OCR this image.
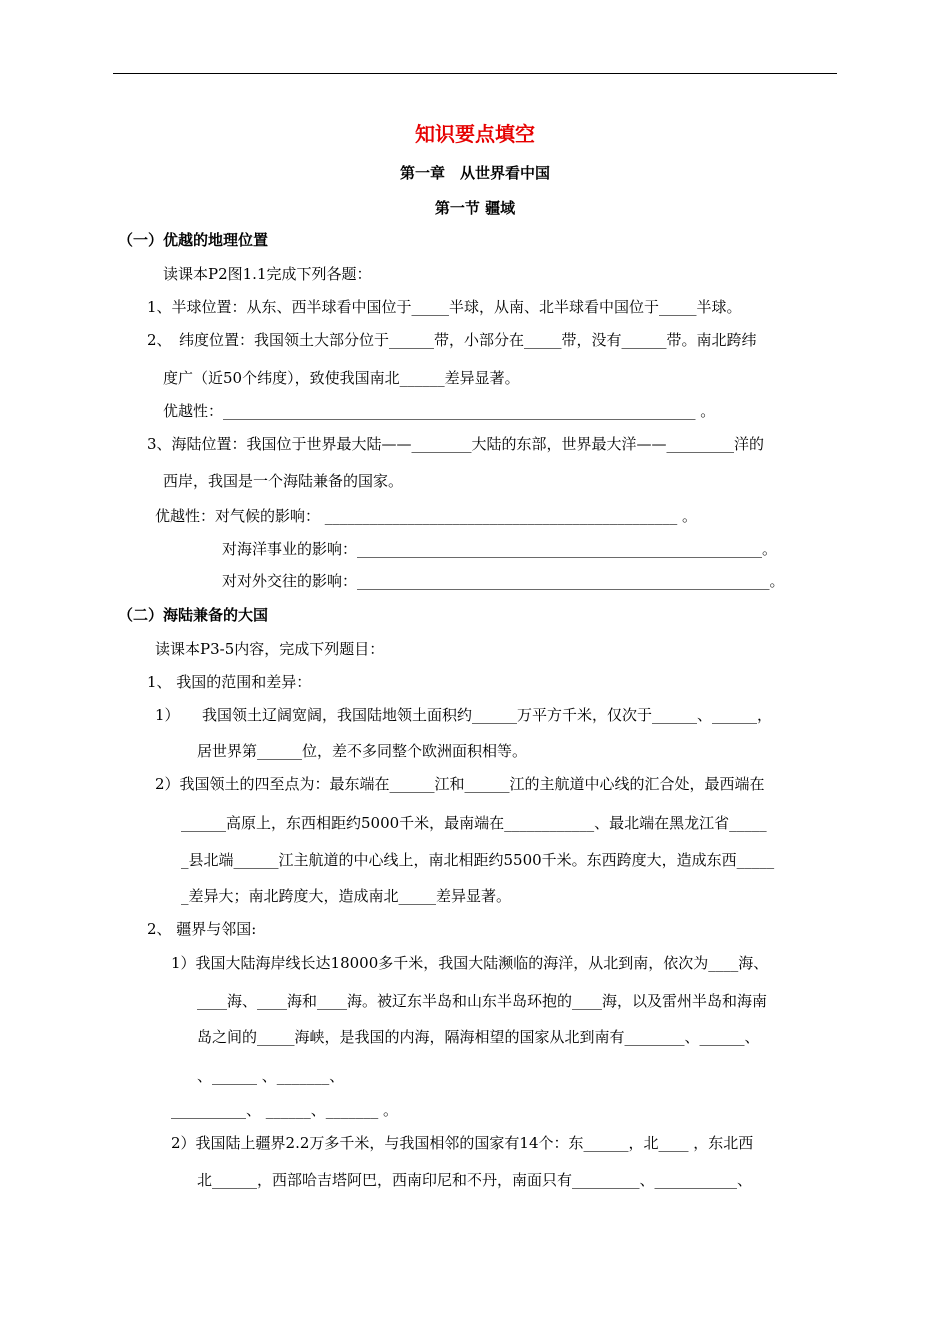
知识要点填空
第一章　从世界看中国
第一节 疆域
（一）优越的地理位置
读课本P2图1.1完成下列各题：
1、半球位置：从东、西半球看中国位于_____半球，从南、北半球看中国位于_____半球。
2、　纬度位置：我国领土大部分位于______带，小部分在_____带，没有______带。南北跨纬
度广（近50个纬度），致使我国南北______差异显著。
优越性：_______________________________________________________________ 。
3、海陆位置：我国位于世界最大陆——________大陆的东部，世界最大洋——_________洋的
西岸，我国是一个海陆兼备的国家。
优越性：对气候的影响： _______________________________________________ 。
对海洋事业的影响：______________________________________________________。
对对外交往的影响：_______________________________________________________。
（二）海陆兼备的大国
读课本P3-5内容，完成下列题目：
1、 我国的范围和差异：
1）　　我国领土辽阔宽阔，我国陆地领土面积约______万平方千米，仅次于______、______，
居世界第______位，差不多同整个欧洲面积相等。
2）我国领土的四至点为：最东端在______江和______江的主航道中心线的汇合处，最西端在
______高原上，东西相距约5000千米，最南端在____________、最北端在黑龙江省_____
_县北端______江主航道的中心线上，南北相距约5500千米。东西跨度大，造成东西_____
_差异大；南北跨度大，造成南北_____差异显著。
2、 疆界与邻国:
1）我国大陆海岸线长达18000多千米，我国大陆濒临的海洋，从北到南，依次为____海、
____海、____海和____海。被辽东半岛和山东半岛环抱的____海，以及雷州半岛和海南
岛之间的_____海峡，是我国的内海，隔海相望的国家从北到南有________、______、
、______ 、_______、
__________、 ______、_______ 。
2）我国陆上疆界2.2万多千米，与我国相邻的国家有14个：东______，北____ ，东北西
北______，西部哈吉塔阿巴，西南印尼和不丹，南面只有_________、___________、
